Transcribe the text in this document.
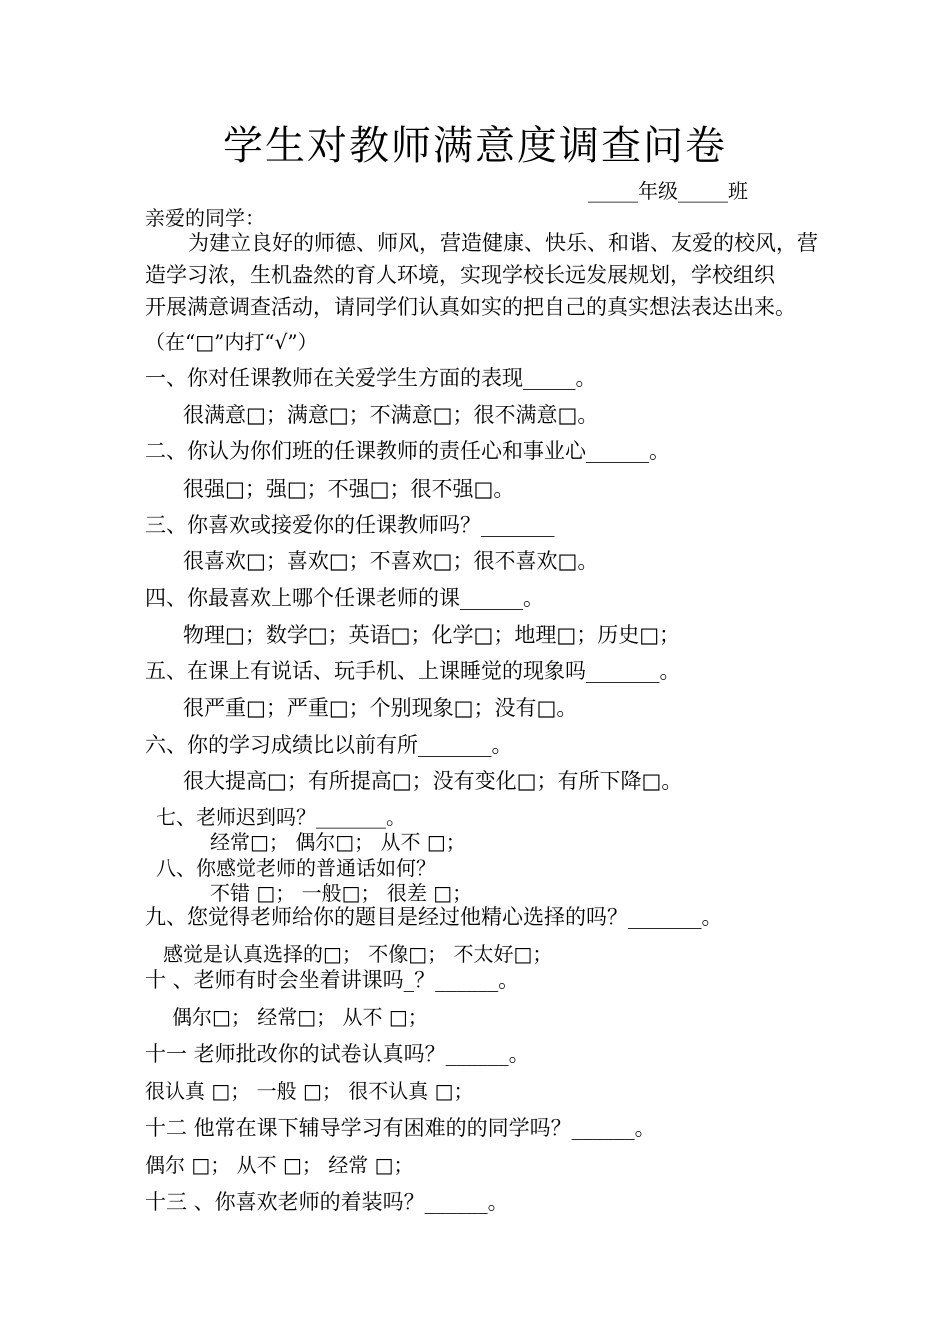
学生对教师满意度调查问卷
_____年级_____班
亲爱的同学：
为建立良好的师德、师风，营造健康、快乐、和谐、友爱的校风，营
造学习浓，生机盎然的育人环境，实现学校长远发展规划，学校组织
开展满意调查活动，请同学们认真如实的把自己的真实想法表达出来。
（在“□”内打“√”）
一、你对任课教师在关爱学生方面的表现_____。
很满意□；满意□；不满意□；很不满意□。
二、你认为你们班的任课教师的责任心和事业心______。
很强□；强□；不强□；很不强□。
三、你喜欢或接爱你的任课教师吗？_______
很喜欢□；喜欢□；不喜欢□；很不喜欢□。
四、你最喜欢上哪个任课老师的课______。
物理□；数学□；英语□；化学□；地理□；历史□；
五、在课上有说话、玩手机、上课睡觉的现象吗_______。
很严重□；严重□；个别现象□；没有□。
六、你的学习成绩比以前有所_______。
很大提高□；有所提高□；没有变化□；有所下降□。
七、老师迟到吗？_______。
经常□； 偶尔□； 从不 □；
八、你感觉老师的普通话如何？
不错 □； 一般□； 很差 □；
九、您觉得老师给你的题目是经过他精心选择的吗？_______。
感觉是认真选择的□； 不像□； 不太好□；
十 、老师有时会坐着讲课吗_？______。
偶尔□； 经常□； 从不 □；
十一 老师批改你的试卷认真吗？______。
很认真 □； 一般 □； 很不认真 □；
十二 他常在课下辅导学习有困难的的同学吗？______。
偶尔 □； 从不 □； 经常 □；
十三 、你喜欢老师的着装吗？______。
